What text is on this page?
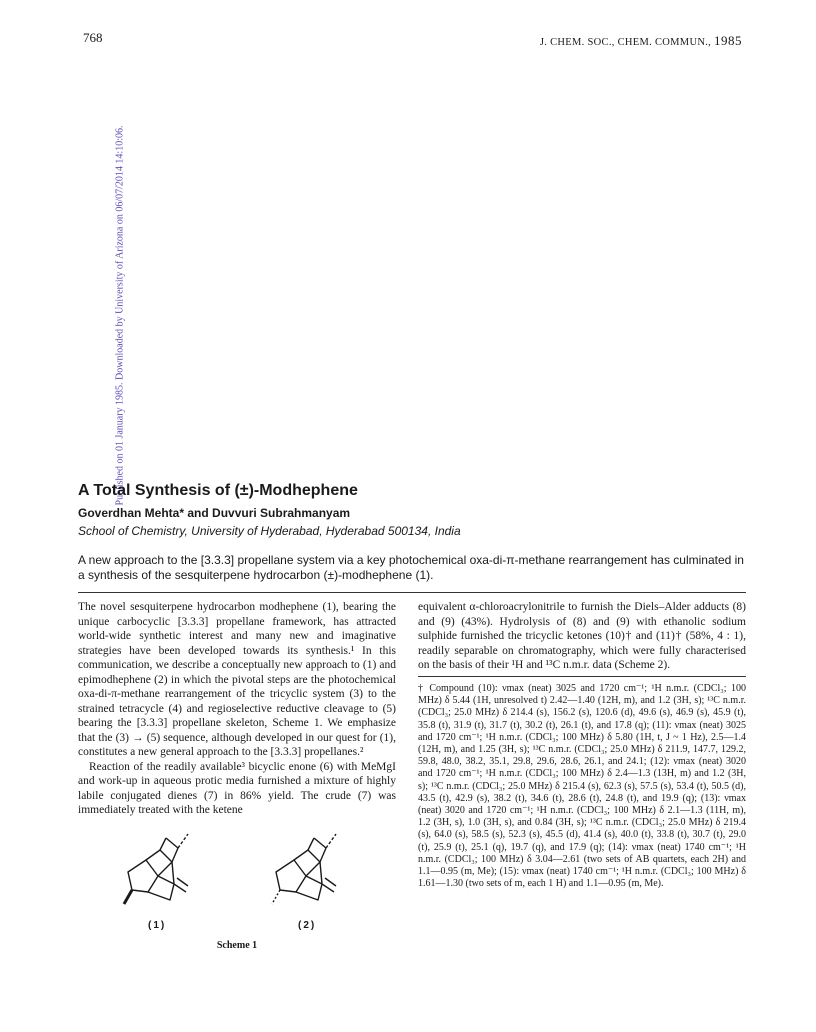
Published on 01 January 1985. Downloaded by University of Arizona on 06/07/2014 14:10:06.
768	J. CHEM. SOC., CHEM. COMMUN., 1985
A Total Synthesis of (±)-Modhephene
Goverdhan Mehta* and Duvvuri Subrahmanyam
School of Chemistry, University of Hyderabad, Hyderabad 500134, India
A new approach to the [3.3.3] propellane system via a key photochemical oxa-di-π-methane rearrangement has culminated in a synthesis of the sesquiterpene hydrocarbon (±)-modhephene (1).

The novel sesquiterpene hydrocarbon modhephene (1), bearing the unique carbocyclic [3.3.3] propellane framework, has attracted world-wide synthetic interest and many new and imaginative strategies have been developed towards its synthesis.¹ In this communication, we describe a conceptually new approach to (1) and epimodhephene (2) in which the pivotal steps are the photochemical oxa-di-π-methane rearrangement of the tricyclic system (3) to the strained tetracycle (4) and regioselective reductive cleavage to (5) bearing the [3.3.3] propellane skeleton, Scheme 1. We emphasize that the (3) → (5) sequence, although developed in our quest for (1), constitutes a new general approach to the [3.3.3] propellanes.²

Reaction of the readily available³ bicyclic enone (6) with MeMgI and work-up in aqueous protic media furnished a mixture of highly labile conjugated dienes (7) in 86% yield. The crude (7) was immediately treated with the ketene

equivalent α-chloroacrylonitrile to furnish the Diels–Alder adducts (8) and (9) (43%). Hydrolysis of (8) and (9) with ethanolic sodium sulphide furnished the tricyclic ketones (10)† and (11)† (58%, 4 : 1), readily separable on chromatography, which were fully characterised on the basis of their ¹H and ¹³C n.m.r. data (Scheme 2).

† Compound (10): νmax (neat) 3025 and 1720 cm⁻¹; ¹H n.m.r. (CDCl₃; 100 MHz) δ 5.44 (1H, unresolved t) 2.42—1.40 (12H, m), and 1.2 (3H, s); ¹³C n.m.r. (CDCl₃; 25.0 MHz) δ 214.4 (s), 156.2 (s), 120.6 (d), 49.6 (s), 46.9 (s), 45.9 (t), 35.8 (t), 31.9 (t), 31.7 (t), 30.2 (t), 26.1 (t), and 17.8 (q); (11): νmax (neat) 3025 and 1720 cm⁻¹; ¹H n.m.r. (CDCl₃; 100 MHz) δ 5.80 (1H, t, J ~ 1 Hz), 2.5—1.4 (12H, m), and 1.25 (3H, s); ¹³C n.m.r. (CDCl₃; 25.0 MHz) δ 211.9, 147.7, 129.2, 59.8, 48.0, 38.2, 35.1, 29.8, 29.6, 28.6, 26.1, and 24.1; (12): νmax (neat) 3020 and 1720 cm⁻¹; ¹H n.m.r. (CDCl₃; 100 MHz) δ 2.4—1.3 (13H, m) and 1.2 (3H, s); ¹³C n.m.r. (CDCl₃; 25.0 MHz) δ 215.4 (s), 62.3 (s), 57.5 (s), 53.4 (t), 50.5 (d), 43.5 (t), 42.9 (s), 38.2 (t), 34.6 (t), 28.6 (t), 24.8 (t), and 19.9 (q); (13): νmax (neat) 3020 and 1720 cm⁻¹; ¹H n.m.r. (CDCl₃; 100 MHz) δ 2.1—1.3 (11H, m), 1.2 (3H, s), 1.0 (3H, s), and 0.84 (3H, s); ¹³C n.m.r. (CDCl₃; 25.0 MHz) δ 219.4 (s), 64.0 (s), 58.5 (s), 52.3 (s), 45.5 (d), 41.4 (s), 40.0 (t), 33.8 (t), 30.7 (t), 29.0 (t), 25.9 (t), 25.1 (q), 19.7 (q), and 17.9 (q); (14): νmax (neat) 1740 cm⁻¹; ¹H n.m.r. (CDCl₃; 100 MHz) δ 3.04—2.61 (two sets of AB quartets, each 2H) and 1.1—0.95 (m, Me); (15): νmax (neat) 1740 cm⁻¹; ¹H n.m.r. (CDCl₃; 100 MHz) δ 1.61—1.30 (two sets of m, each 1 H) and 1.1—0.95 (m, Me).
(1)	(2)
Scheme 1
